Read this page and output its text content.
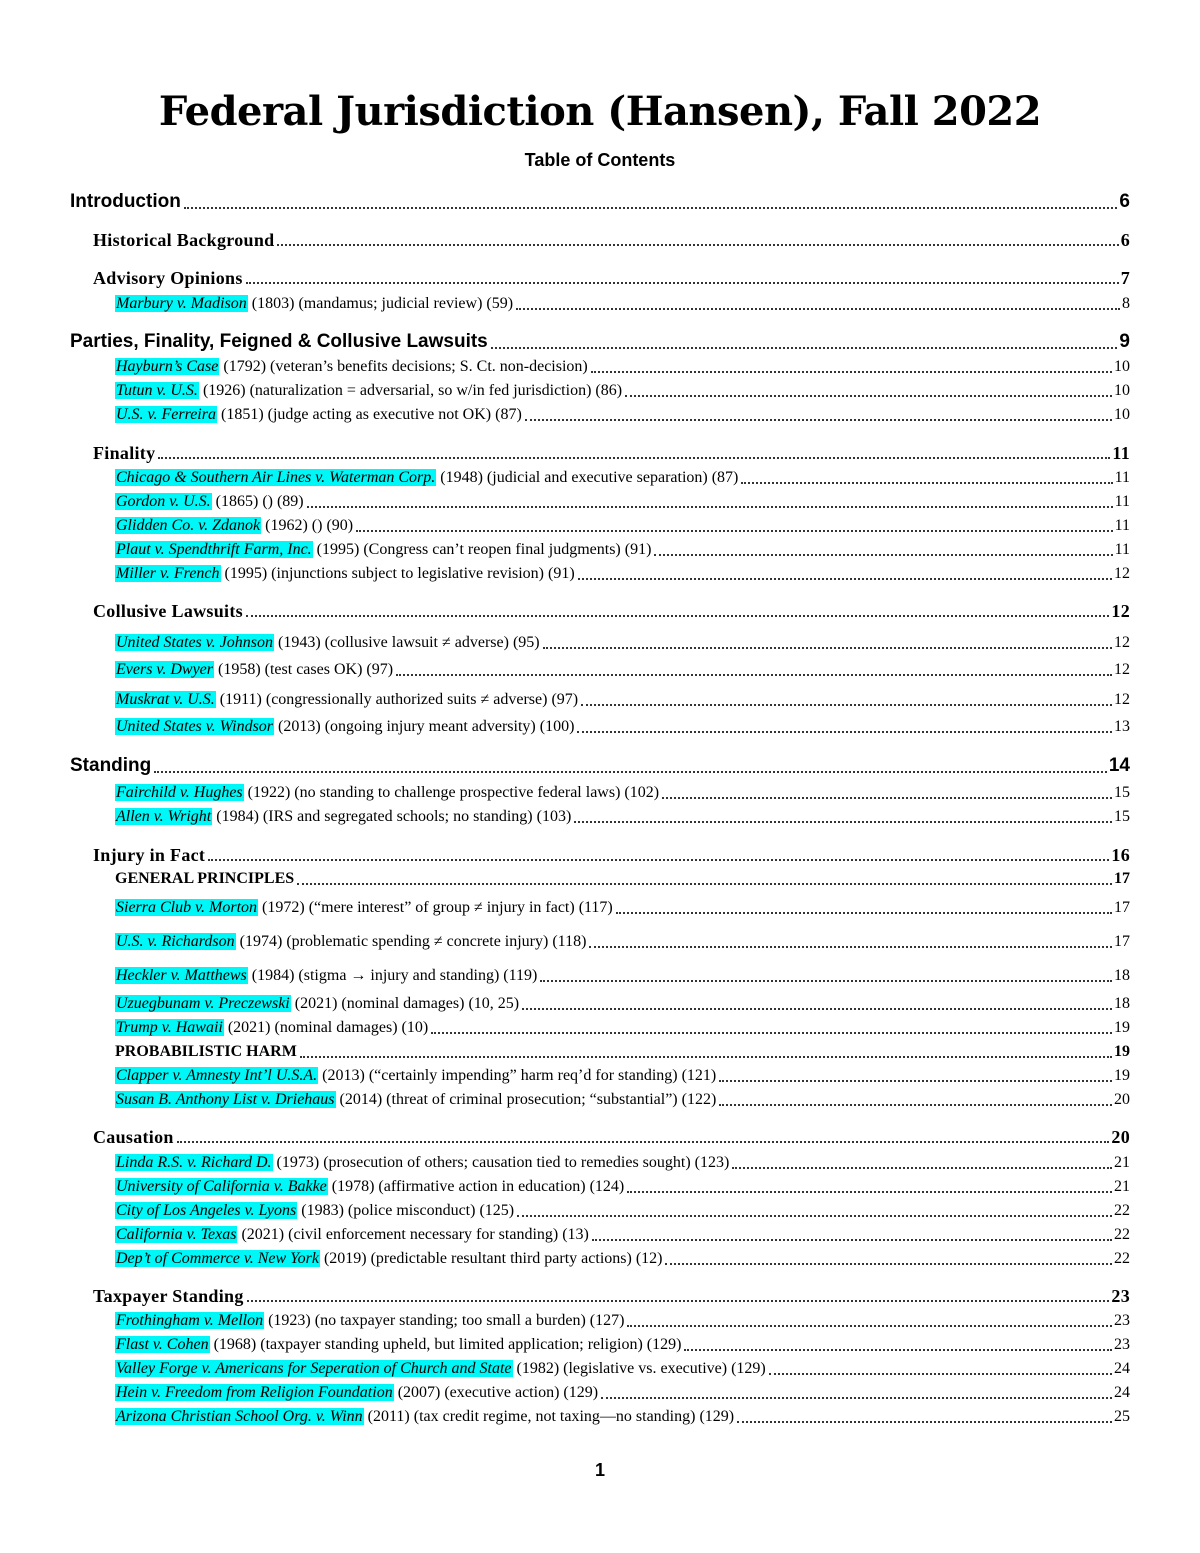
Federal Jurisdiction (Hansen), Fall 2022
Table of Contents
Introduction	6
Historical Background	6
Advisory Opinions	7
Marbury v. Madison (1803) (mandamus; judicial review) (59)	8
Parties, Finality, Feigned & Collusive Lawsuits	9
Hayburn’s Case (1792) (veteran’s benefits decisions; S. Ct. non-decision)	10
Tutun v. U.S. (1926) (naturalization = adversarial, so w/in fed jurisdiction) (86)	10
U.S. v. Ferreira (1851) (judge acting as executive not OK) (87)	10
Finality	11
Chicago & Southern Air Lines v. Waterman Corp. (1948) (judicial and executive separation) (87)	11
Gordon v. U.S. (1865) () (89)	11
Glidden Co. v. Zdanok (1962) () (90)	11
Plaut v. Spendthrift Farm, Inc. (1995) (Congress can’t reopen final judgments) (91)	11
Miller v. French (1995) (injunctions subject to legislative revision) (91)	12
Collusive Lawsuits	12
United States v. Johnson (1943) (collusive lawsuit ≠ adverse) (95)	12
Evers v. Dwyer (1958) (test cases OK) (97)	12
Muskrat v. U.S. (1911) (congressionally authorized suits ≠ adverse) (97)	12
United States v. Windsor (2013) (ongoing injury meant adversity) (100)	13
Standing	14
Fairchild v. Hughes (1922) (no standing to challenge prospective federal laws) (102)	15
Allen v. Wright (1984) (IRS and segregated schools; no standing) (103)	15
Injury in Fact	16
GENERAL PRINCIPLES	17
Sierra Club v. Morton (1972) (“mere interest” of group ≠ injury in fact) (117)	17
U.S. v. Richardson (1974) (problematic spending ≠ concrete injury) (118)	17
Heckler v. Matthews (1984) (stigma → injury and standing) (119)	18
Uzuegbunam v. Preczewski (2021) (nominal damages) (10, 25)	18
Trump v. Hawaii (2021) (nominal damages) (10)	19
PROBABILISTIC HARM	19
Clapper v. Amnesty Int’l U.S.A. (2013) (“certainly impending” harm req’d for standing) (121)	19
Susan B. Anthony List v. Driehaus (2014) (threat of criminal prosecution; “substantial”) (122)	20
Causation	20
Linda R.S. v. Richard D. (1973) (prosecution of others; causation tied to remedies sought) (123)	21
University of California v. Bakke (1978) (affirmative action in education) (124)	21
City of Los Angeles v. Lyons (1983) (police misconduct) (125)	22
California v. Texas (2021) (civil enforcement necessary for standing) (13)	22
Dep’t of Commerce v. New York (2019) (predictable resultant third party actions) (12)	22
Taxpayer Standing	23
Frothingham v. Mellon (1923) (no taxpayer standing; too small a burden) (127)	23
Flast v. Cohen (1968) (taxpayer standing upheld, but limited application; religion) (129)	23
Valley Forge v. Americans for Seperation of Church and State (1982) (legislative vs. executive) (129)	24
Hein v. Freedom from Religion Foundation (2007) (executive action) (129)	24
Arizona Christian School Org. v. Winn (2011) (tax credit regime, not taxing—no standing) (129)	25
1
